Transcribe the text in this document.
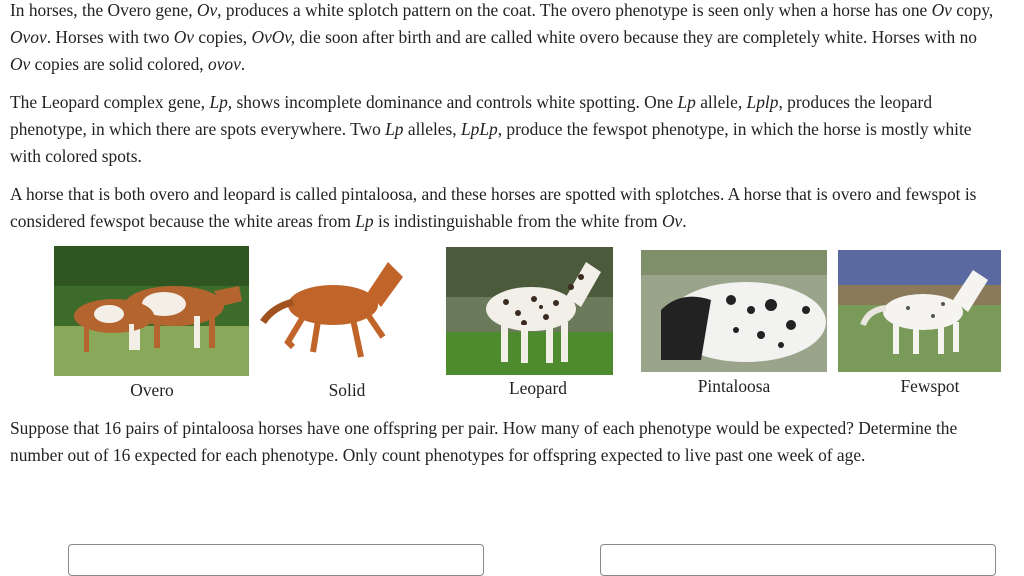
In horses, the Overo gene, Ov, produces a white splotch pattern on the coat. The overo phenotype is seen only when a horse has one Ov copy, Ovov. Horses with two Ov copies, OvOv, die soon after birth and are called white overo because they are completely white. Horses with no Ov copies are solid colored, ovov.

The Leopard complex gene, Lp, shows incomplete dominance and controls white spotting. One Lp allele, Lplp, produces the leopard phenotype, in which there are spots everywhere. Two Lp alleles, LpLp, produce the fewspot phenotype, in which the horse is mostly white with colored spots.

A horse that is both overo and leopard is called pintaloosa, and these horses are spotted with splotches. A horse that is overo and fewspot is considered fewspot because the white areas from Lp is indistinguishable from the white from Ov.

Overo	Solid	Leopard	Pintaloosa	Fewspot

Suppose that 16 pairs of pintaloosa horses have one offspring per pair. How many of each phenotype would be expected? Determine the number out of 16 expected for each phenotype. Only count phenotypes for offspring expected to live past one week of age.
